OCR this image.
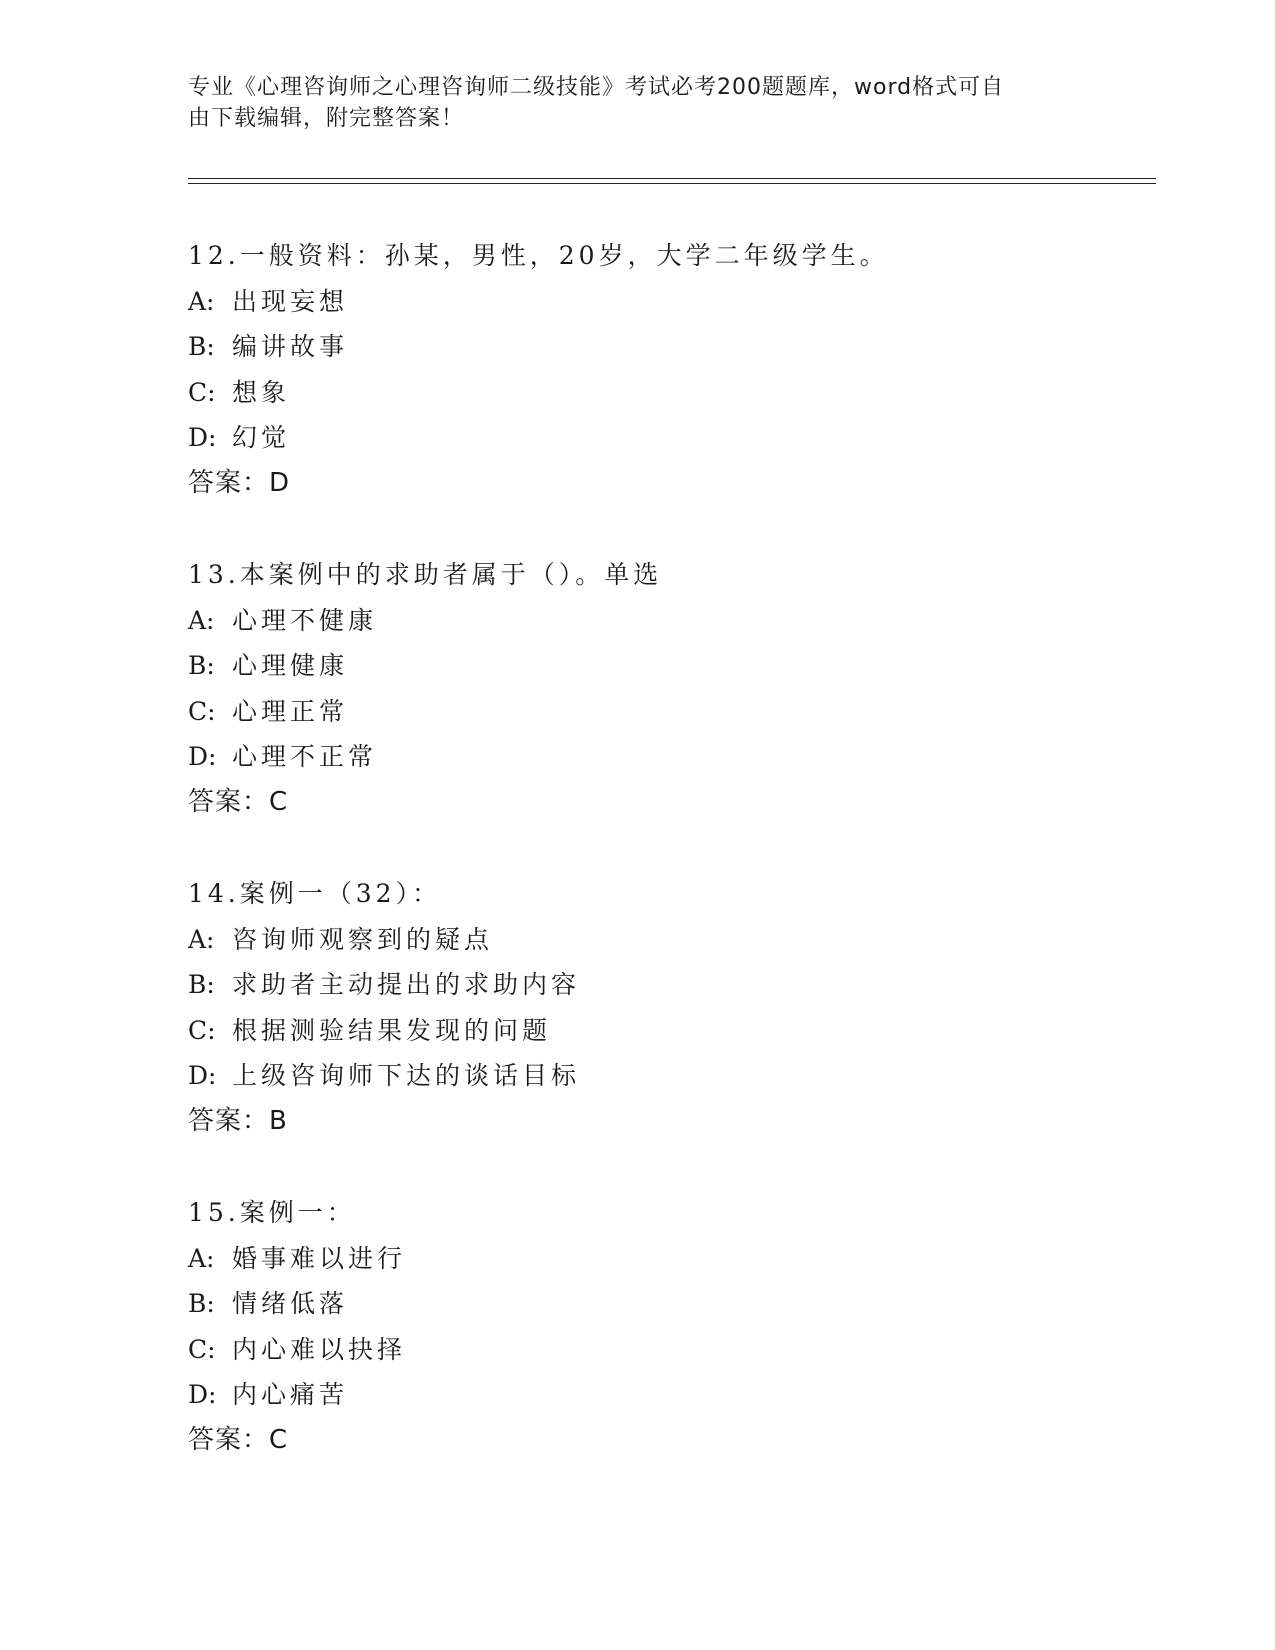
专业《心理咨询师之心理咨询师二级技能》考试必考200题题库，word格式可自
由下载编辑，附完整答案！
12.一般资料：孙某，男性，20岁，大学二年级学生。
A: 出现妄想
B: 编讲故事
C: 想象
D: 幻觉
答案：D
13.本案例中的求助者属于（）。单选
A: 心理不健康
B: 心理健康
C: 心理正常
D: 心理不正常
答案：C
14.案例一（32）：
A: 咨询师观察到的疑点
B: 求助者主动提出的求助内容
C: 根据测验结果发现的问题
D: 上级咨询师下达的谈话目标
答案：B
15.案例一：
A: 婚事难以进行
B: 情绪低落
C: 内心难以抉择
D: 内心痛苦
答案：C
